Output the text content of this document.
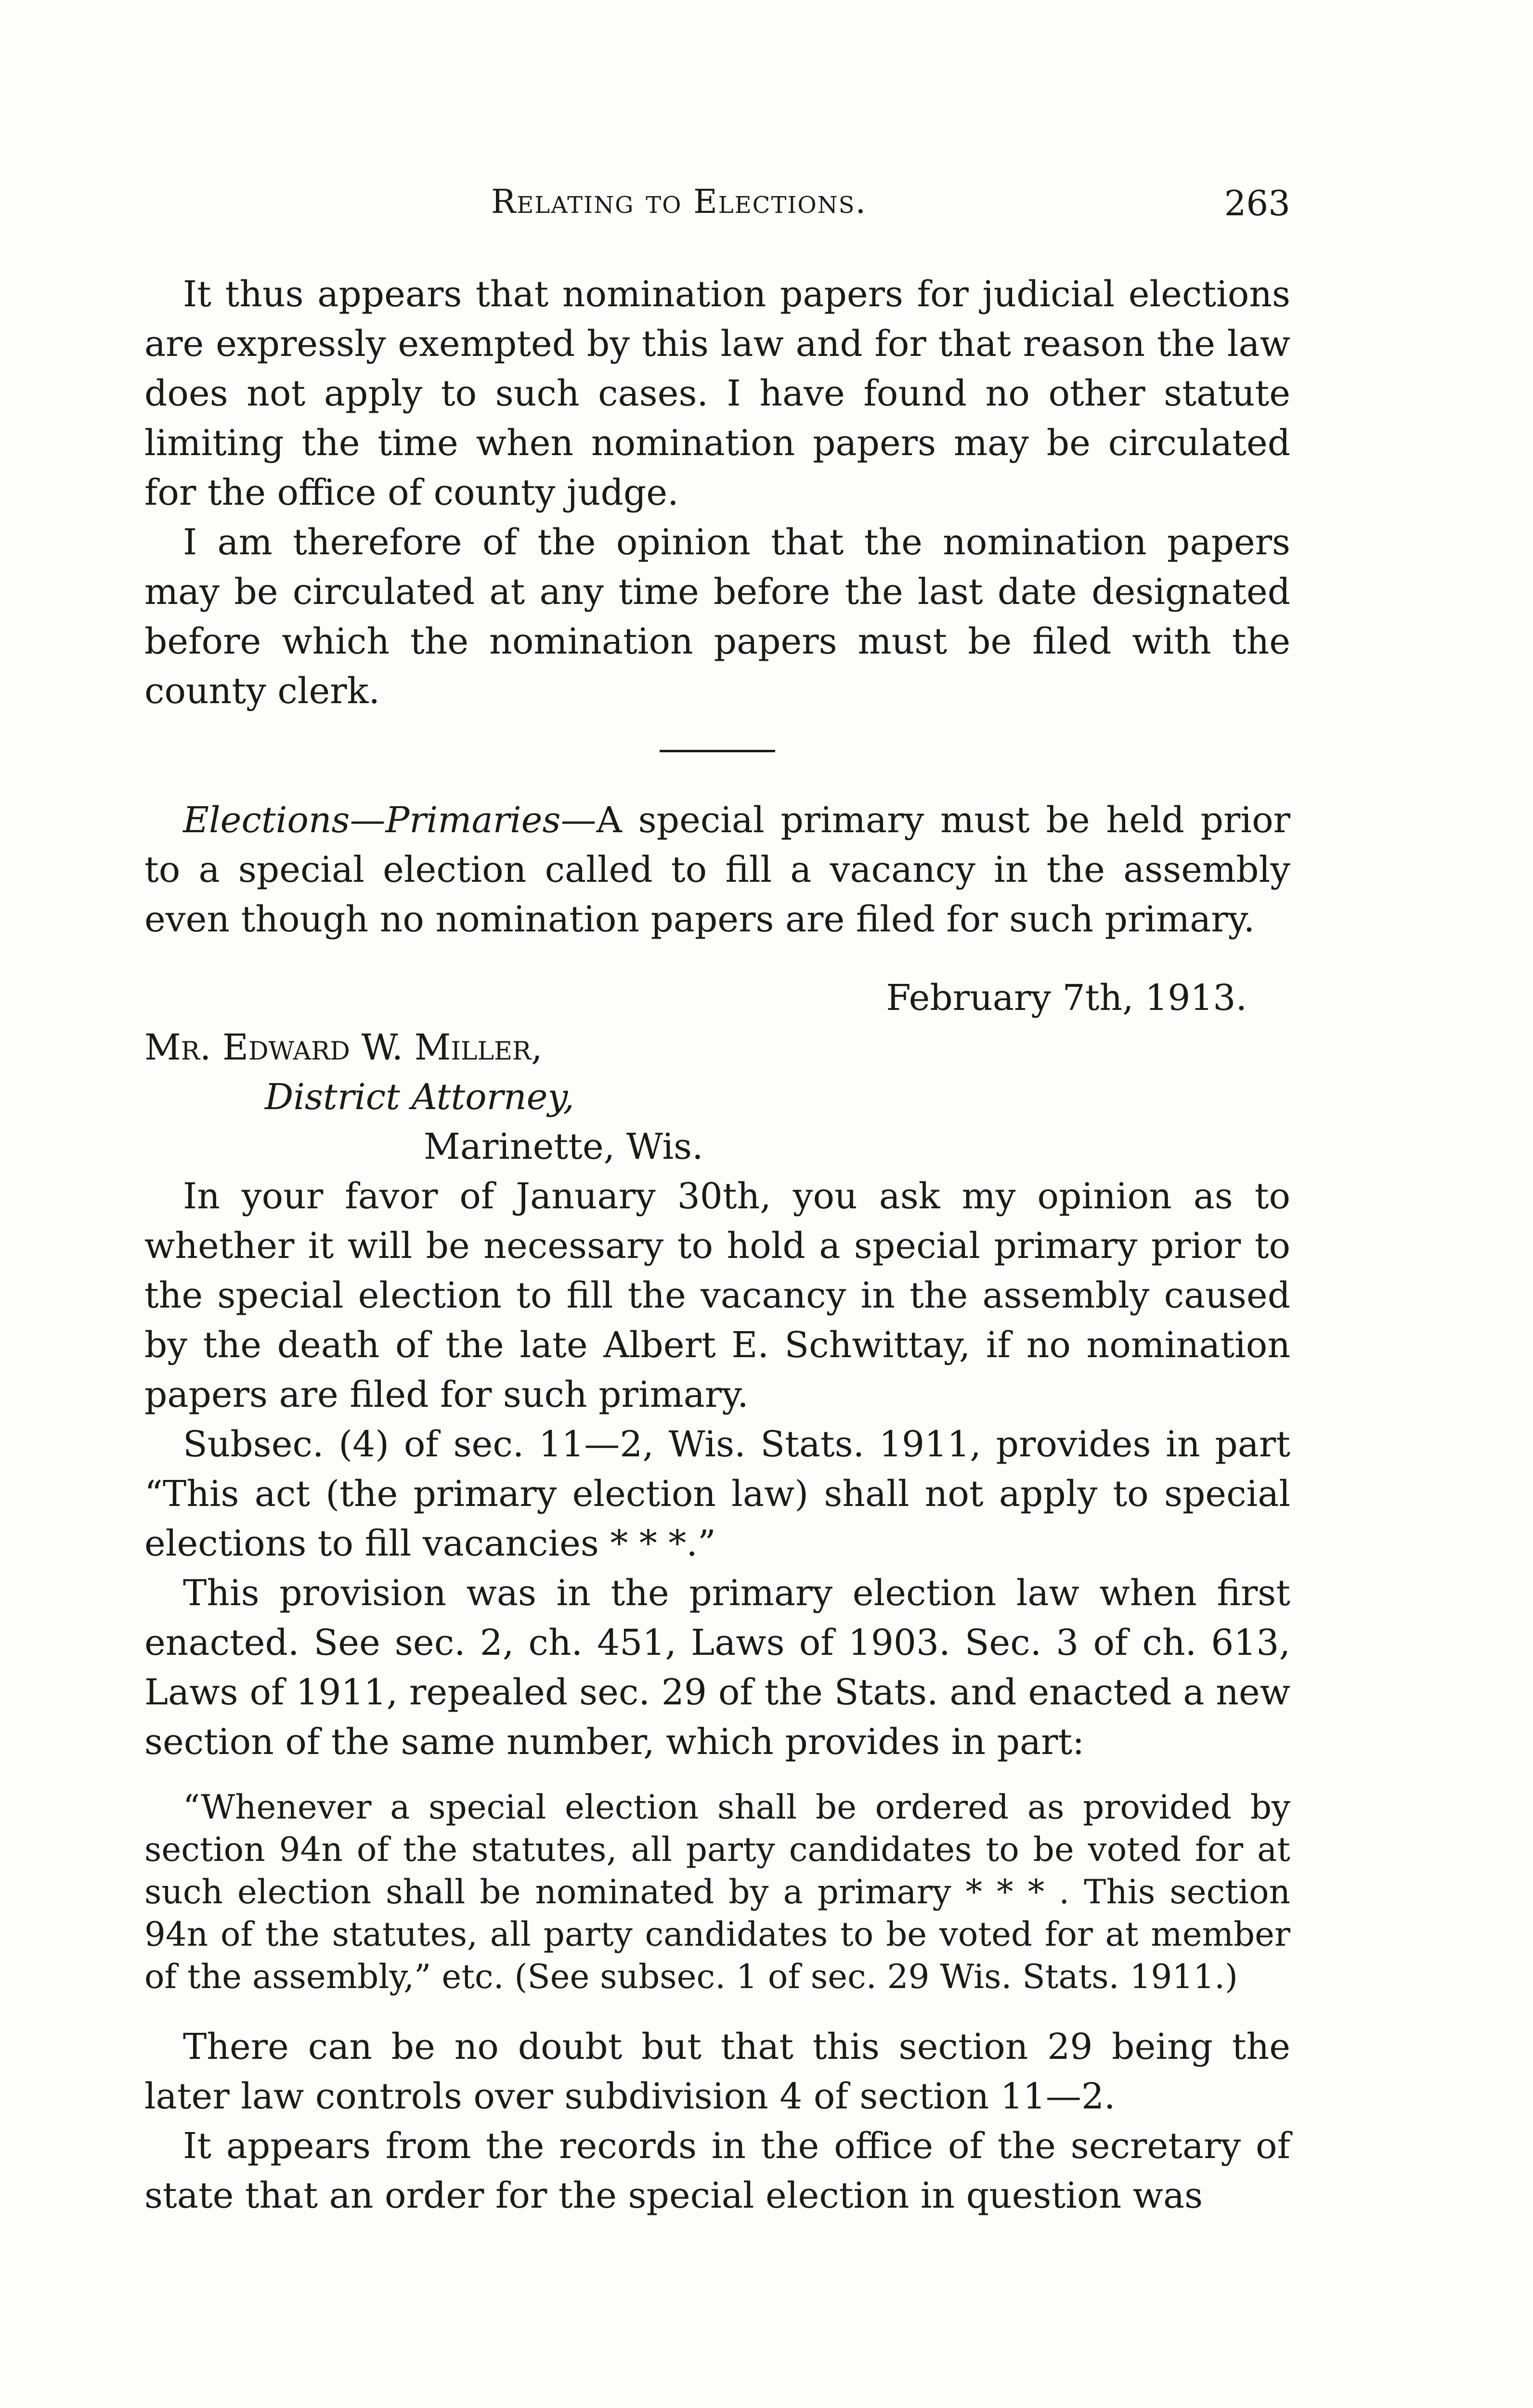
Relating to Elections.	263

It thus appears that nomination papers for judicial elections are expressly exempted by this law and for that reason the law does not apply to such cases. I have found no other statute limiting the time when nomination papers may be circulated for the office of county judge.

I am therefore of the opinion that the nomination papers may be circulated at any time before the last date designated before which the nomination papers must be filed with the county clerk.

Elections—Primaries—A special primary must be held prior to a special election called to fill a vacancy in the assembly even though no nomination papers are filed for such primary.

February 7th, 1913.

Mr. Edward W. Miller,

District Attorney,

Marinette, Wis.

In your favor of January 30th, you ask my opinion as to whether it will be necessary to hold a special primary prior to the special election to fill the vacancy in the assembly caused by the death of the late Albert E. Schwittay, if no nomination papers are filed for such primary.

Subsec. (4) of sec. 11—2, Wis. Stats. 1911, provides in part “This act (the primary election law) shall not apply to special elections to fill vacancies * * *.”

This provision was in the primary election law when first enacted. See sec. 2, ch. 451, Laws of 1903. Sec. 3 of ch. 613, Laws of 1911, repealed sec. 29 of the Stats. and enacted a new section of the same number, which provides in part:

“Whenever a special election shall be ordered as provided by section 94n of the statutes, all party candidates to be voted for at such election shall be nominated by a primary * * * . This section 94n of the statutes, all party candidates to be voted for at member of the assembly,” etc. (See subsec. 1 of sec. 29 Wis. Stats. 1911.)

There can be no doubt but that this section 29 being the later law controls over subdivision 4 of section 11—2.

It appears from the records in the office of the secretary of state that an order for the special election in question was
